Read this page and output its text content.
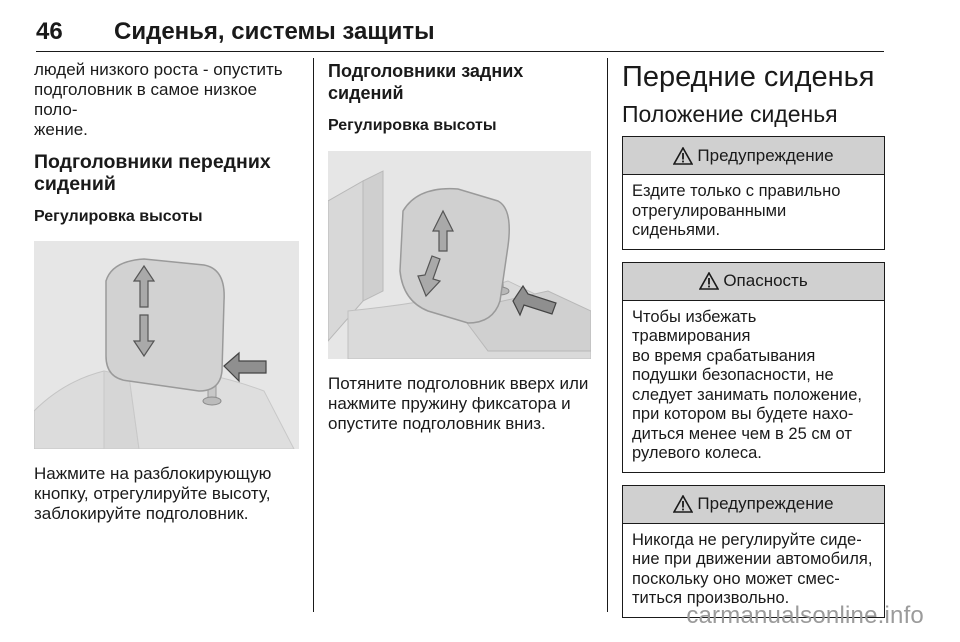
46 Сиденья, системы защиты

людей низкого роста - опустить

подголовник в самое низкое поло-

жение.

Подголовники передних
сидений
Регулировка высоты

Нажмите на разблокирующую

кнопку, отрегулируйте высоту,

заблокируйте подголовник.

Подголовники задних сидений
Регулировка высоты

Потяните подголовник вверх или

нажмите пружину фиксатора и

опустите подголовник вниз.

Передние сиденья
Положение сиденья
Предупреждение
Ездите только с правильно
отрегулированными сиденьями.
Опасность
Чтобы избежать травмирования
во время срабатывания
подушки безопасности, не
следует занимать положение,
при котором вы будете нахо-
диться менее чем в 25 см от
рулевого колеса.
Предупреждение
Никогда не регулируйте сиде-
ние при движении автомобиля,
поскольку оно может смес-
титься произвольно.
carmanualsonline.info
